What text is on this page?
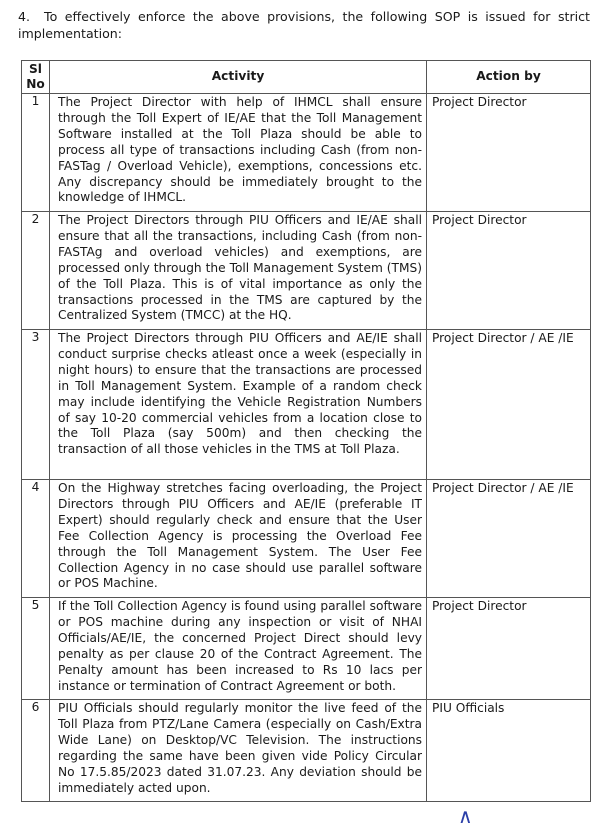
4. To effectively enforce the above provisions, the following SOP is issued for strict implementation:

Sl
No	Activity	Action by
1	The Project Director with help of IHMCL shall ensure through the Toll Expert of IE/AE that the Toll Management Software installed at the Toll Plaza should be able to process all type of transactions including Cash (from non-FASTag / Overload Vehicle), exemptions, concessions etc. Any discrepancy should be immediately brought to the knowledge of IHMCL.	Project Director
2	The Project Directors through PIU Officers and IE/AE shall ensure that all the transactions, including Cash (from non-FASTAg and overload vehicles) and exemptions, are processed only through the Toll Management System (TMS) of the Toll Plaza. This is of vital importance as only the transactions processed in the TMS are captured by the Centralized System (TMCC) at the HQ.	Project Director
3	The Project Directors through PIU Officers and AE/IE shall conduct surprise checks atleast once a week (especially in night hours) to ensure that the transactions are processed in Toll Management System. Example of a random check may include identifying the Vehicle Registration Numbers of say 10-20 commercial vehicles from a location close to the Toll Plaza (say 500m) and then checking the transaction of all those vehicles in the TMS at Toll Plaza.	Project Director / AE /IE
4	On the Highway stretches facing overloading, the Project Directors through PIU Officers and AE/IE (preferable IT Expert) should regularly check and ensure that the User Fee Collection Agency is processing the Overload Fee through the Toll Management System. The User Fee Collection Agency in no case should use parallel software or POS Machine.	Project Director / AE /IE
5	If the Toll Collection Agency is found using parallel software or POS machine during any inspection or visit of NHAI Officials/AE/IE, the concerned Project Direct should levy penalty as per clause 20 of the Contract Agreement. The Penalty amount has been increased to Rs 10 lacs per instance or termination of Contract Agreement or both.	Project Director
6	PIU Officials should regularly monitor the live feed of the Toll Plaza from PTZ/Lane Camera (especially on Cash/Extra Wide Lane) on Desktop/VC Television. The instructions regarding the same have been given vide Policy Circular No 17.5.85/2023 dated 31.07.23. Any deviation should be immediately acted upon.	PIU Officials
∧
